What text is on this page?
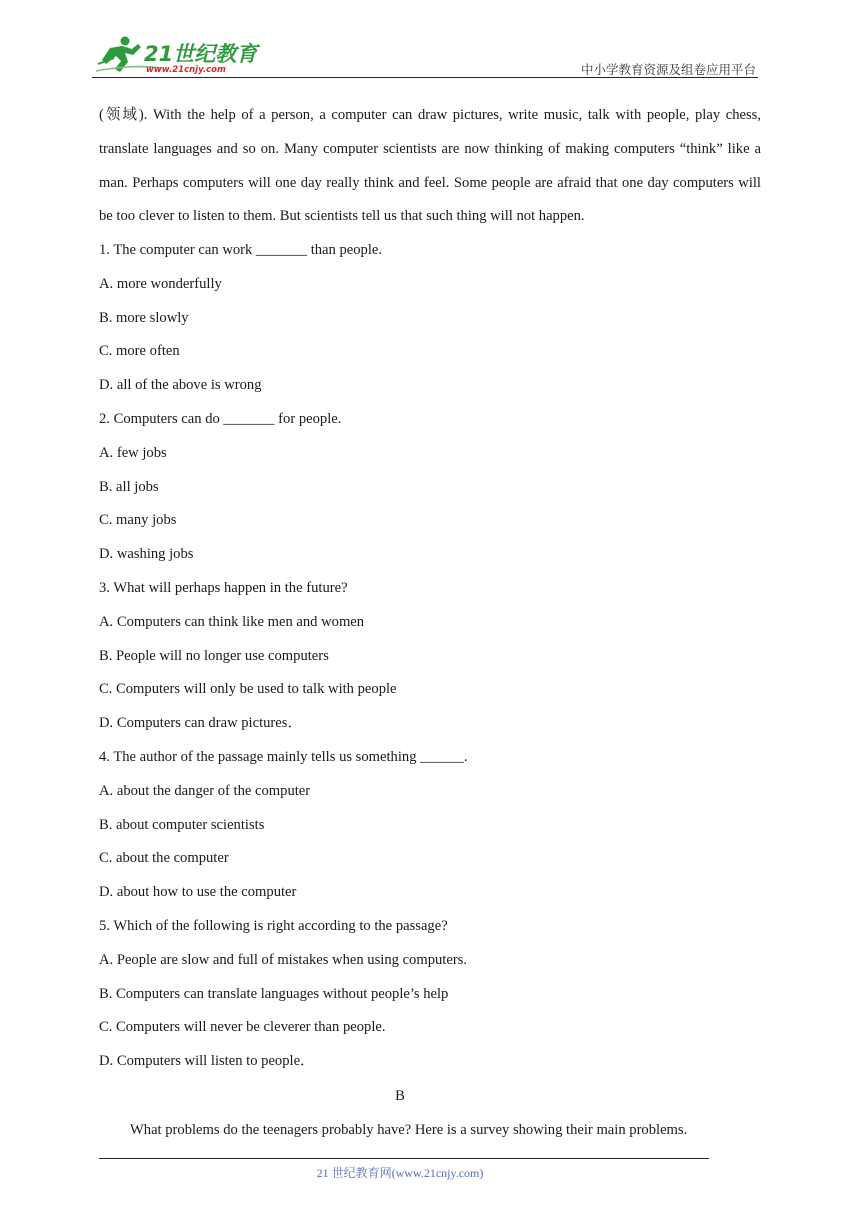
21世纪教育
www.21cnjy.com	中小学教育资源及组卷应用平台

(领域). With the help of a person, a computer can draw pictures, write music, talk with people, play chess, translate languages and so on. Many computer scientists are now thinking of making computers “think” like a man. Perhaps computers will one day really think and feel. Some people are afraid that one day computers will be too clever to listen to them. But scientists tell us that such thing will not happen.

1. The computer can work _______ than people.
A. more wonderfully
B. more slowly
C. more often
D. all of the above is wrong
2. Computers can do _______ for people.
A. few jobs
B. all jobs
C. many jobs
D. washing jobs
3. What will perhaps happen in the future?
A. Computers can think like men and women
B. People will no longer use computers
C. Computers will only be used to talk with people
D. Computers can draw pictures．
4. The author of the passage mainly tells us something ______.
A. about the danger of the computer
B. about computer scientists
C. about the computer
D. about how to use the computer
5. Which of the following is right according to the passage?
A. People are slow and full of mistakes when using computers.
B. Computers can translate languages without people’s help
C. Computers will never be cleverer than people.
D. Computers will listen to people．
B
What problems do the teenagers probably have? Here is a survey showing their main problems.
21 世纪教育网(www.21cnjy.com)
